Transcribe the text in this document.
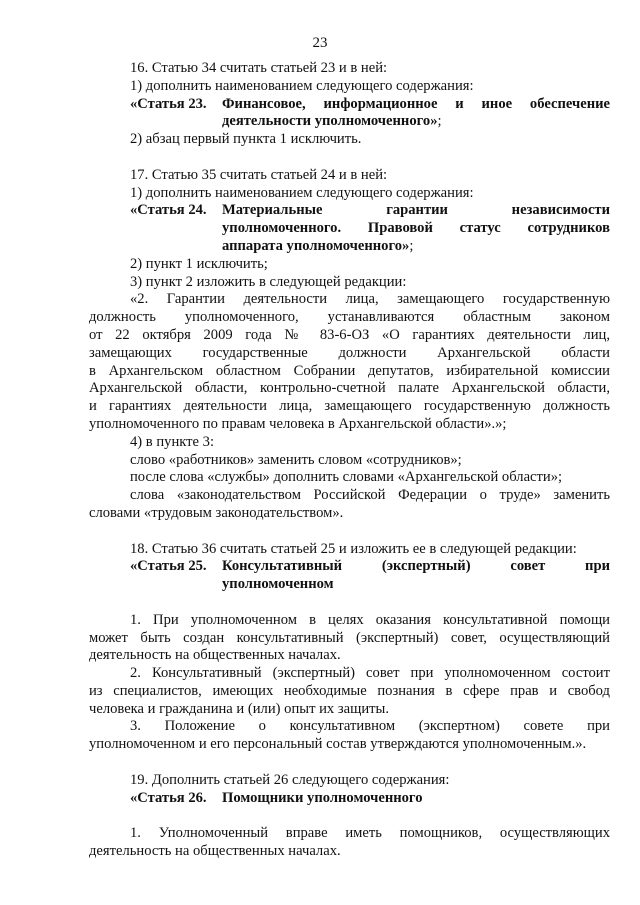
23

16. Статью 34 считать статьей 23 и в ней:

1) дополнить наименованием следующего содержания:

«Статья 23.	Финансовое, информационное и иное обеспечение
деятельности уполномоченного»;

2) абзац первый пункта 1 исключить.

17. Статью 35 считать статьей 24 и в ней:

1) дополнить наименованием следующего содержания:

«Статья 24.	Материальные гарантии независимости
уполномоченного. Правовой статус сотрудников
аппарата уполномоченного»;

2) пункт 1 исключить;

3) пункт 2 изложить в следующей редакции:

«2. Гарантии деятельности лица, замещающего государственную

должность уполномоченного, устанавливаются областным законом

от 22 октября 2009 года № 83-6-ОЗ «О гарантиях деятельности лиц,

замещающих государственные должности Архангельской области

в Архангельском областном Собрании депутатов, избирательной комиссии

Архангельской области, контрольно-счетной палате Архангельской области,

и гарантиях деятельности лица, замещающего государственную должность

уполномоченного по правам человека в Архангельской области».»;

4) в пункте 3:

слово «работников» заменить словом «сотрудников»;

после слова «службы» дополнить словами «Архангельской области»;

слова «законодательством Российской Федерации о труде» заменить

словами «трудовым законодательством».

18. Статью 36 считать статьей 25 и изложить ее в следующей редакции:

«Статья 25.	Консультативный (экспертный) совет при
уполномоченном

1. При уполномоченном в целях оказания консультативной помощи

может быть создан консультативный (экспертный) совет, осуществляющий

деятельность на общественных началах.

2. Консультативный (экспертный) совет при уполномоченном состоит

из специалистов, имеющих необходимые познания в сфере прав и свобод

человека и гражданина и (или) опыт их защиты.

3. Положение о консультативном (экспертном) совете при

уполномоченном и его персональный состав утверждаются уполномоченным.».

19. Дополнить статьей 26 следующего содержания:

«Статья 26.	Помощники уполномоченного

1. Уполномоченный вправе иметь помощников, осуществляющих

деятельность на общественных началах.
